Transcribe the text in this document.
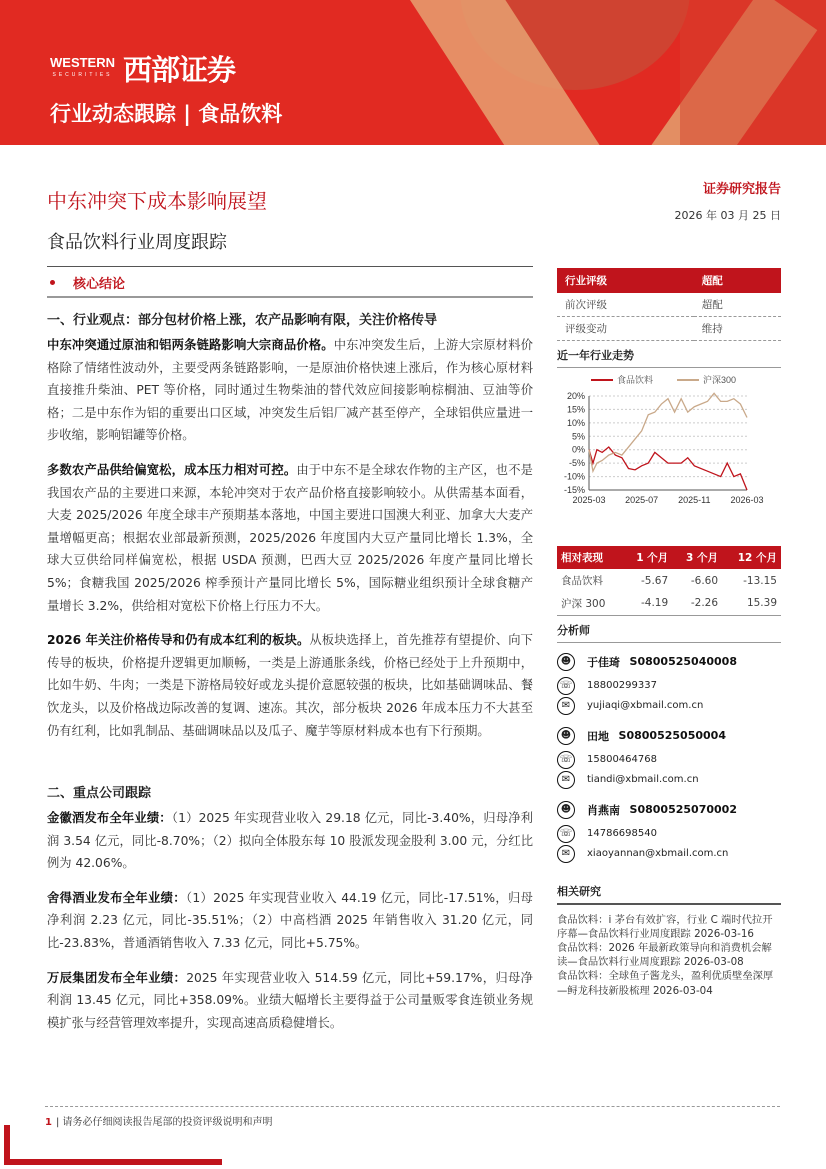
WESTERN
SECURITIES 西部证券
行业动态跟踪 | 食品饮料
中东冲突下成本影响展望
食品饮料行业周度跟踪
核心结论
一、行业观点：部分包材价格上涨，农产品影响有限，关注价格传导

中东冲突通过原油和铝两条链路影响大宗商品价格。中东冲突发生后，上游大宗原材料价格除了情绪性波动外，主要受两条链路影响，一是原油价格快速上涨后，作为核心原材料直接推升柴油、PET 等价格，同时通过生物柴油的替代效应间接影响棕榈油、豆油等价格；二是中东作为铝的重要出口区域，冲突发生后铝厂减产甚至停产，全球铝供应量进一步收缩，影响铝罐等价格。

多数农产品供给偏宽松，成本压力相对可控。由于中东不是全球农作物的主产区，也不是我国农产品的主要进口来源，本轮冲突对于农产品价格直接影响较小。从供需基本面看，大麦 2025/2026 年度全球丰产预期基本落地，中国主要进口国澳大利亚、加拿大大麦产量增幅更高；根据农业部最新预测，2025/2026 年度国内大豆产量同比增长 1.3%，全球大豆供给同样偏宽松，根据 USDA 预测，巴西大豆 2025/2026 年度产量同比增长 5%；食糖我国 2025/2026 榨季预计产量同比增长 5%，国际糖业组织预计全球食糖产量增长 3.2%，供给相对宽松下价格上行压力不大。

2026 年关注价格传导和仍有成本红利的板块。从板块选择上，首先推荐有望提价、向下传导的板块，价格提升逻辑更加顺畅，一类是上游通胀条线，价格已经处于上升预期中，比如牛奶、牛肉；一类是下游格局较好或龙头提价意愿较强的板块，比如基础调味品、餐饮龙头，以及价格战边际改善的复调、速冻。其次，部分板块 2026 年成本压力不大甚至仍有红利，比如乳制品、基础调味品以及瓜子、魔芋等原材料成本也有下行预期。

二、重点公司跟踪

金徽酒发布全年业绩：（1）2025 年实现营业收入 29.18 亿元，同比-3.40%，归母净利润 3.54 亿元，同比-8.70%；（2）拟向全体股东每 10 股派发现金股利 3.00 元，分红比例为 42.06%。

舍得酒业发布全年业绩：（1）2025 年实现营业收入 44.19 亿元，同比-17.51%，归母净利润 2.23 亿元，同比-35.51%；（2）中高档酒 2025 年销售收入 31.20 亿元，同比-23.83%，普通酒销售收入 7.33 亿元，同比+5.75%。

万辰集团发布全年业绩：2025 年实现营业收入 514.59 亿元，同比+59.17%，归母净利润 13.45 亿元，同比+358.09%。业绩大幅增长主要得益于公司量贩零食连锁业务规模扩张与经营管理效率提升，实现高速高质稳健增长。

证券研究报告
2026 年 03 月 25 日
行业评级	超配
前次评级	超配
评级变动	维持
近一年行业走势
20%
15%
10%
5%
0%
-5%
-10%
-15%
2025-03 2025-07 2025-11 2026-03
食品饮料	沪深300
相对表现	1 个月	3 个月	12 个月
食品饮料	-5.67	-6.60	-13.15
沪深 300	-4.19	-2.26	15.39
分析师
☻	于佳琦
S0800525040008
☏ 18800299337
✉	yujiaqi@xbmail.com.cn
☻	田地
S0800525050004
☏ 15800464768
✉	tiandi@xbmail.com.cn
☻	肖燕南
S0800525070002
☏ 14786698540
✉	xiaoyannan@xbmail.com.cn
相关研究
食品饮料：i 茅台有效扩容，行业 C 端时代拉开序幕—食品饮料行业周度跟踪 2026-03-16
食品饮料：2026 年最新政策导向和消费机会解读—食品饮料行业周度跟踪 2026-03-08
食品饮料：全球鱼子酱龙头，盈利优质壁垒深厚—鲟龙科技新股梳理 2026-03-04
1 | 请务必仔细阅读报告尾部的投资评级说明和声明
